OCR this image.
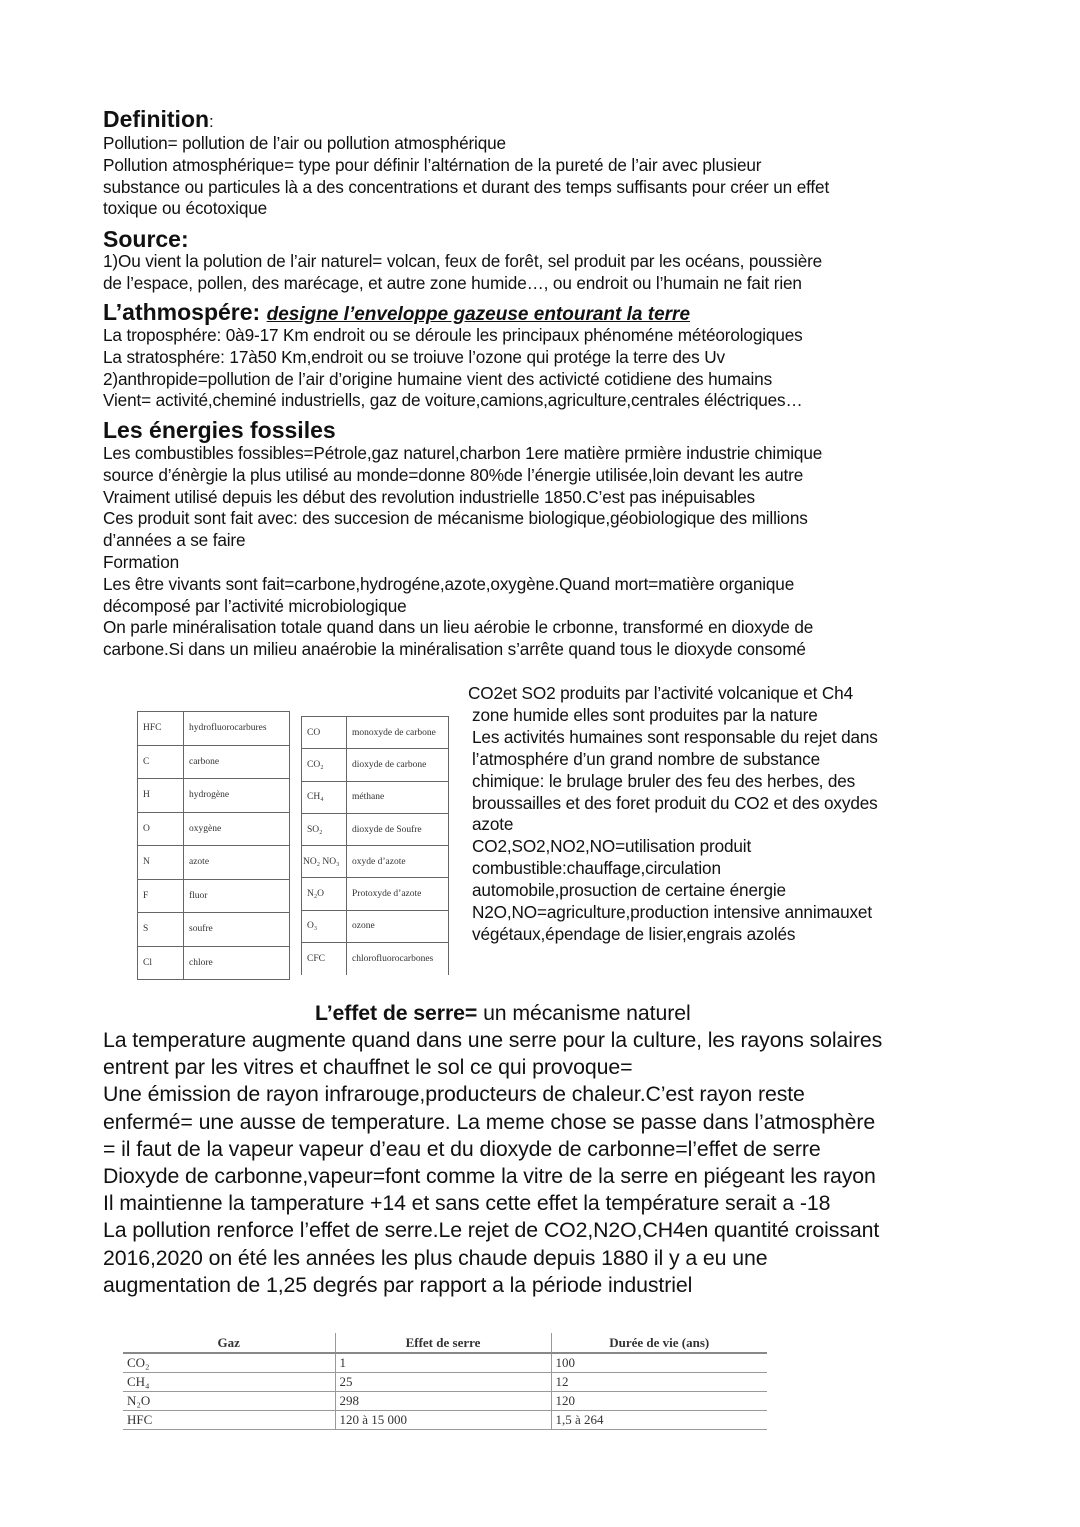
Definition:
Pollution= pollution de l’air ou pollution atmosphérique
Pollution atmosphérique= type pour définir l’altérnation de la pureté de l’air avec plusieur
substance ou particules là a des concentrations et durant des temps suffisants pour créer un effet
toxique ou écotoxique
Source:
1)Ou vient la polution de l’air naturel= volcan, feux de forêt, sel produit par les océans, poussière
de l’espace, pollen, des marécage, et autre zone humide…, ou endroit ou l’humain ne fait rien
L’athmospére: designe l’enveloppe gazeuse entourant la terre
La troposphére: 0à9-17 Km endroit ou se déroule les principaux phénoméne météorologiques
La stratosphére: 17à50 Km,endroit ou se troiuve l’ozone qui protége la terre des Uv
2)anthropide=pollution de l’air d’origine humaine vient des activicté cotidiene des humains
Vient= activité,cheminé industriells, gaz de voiture,camions,agriculture,centrales éléctriques…
Les énergies fossiles
Les combustibles fossibles=Pétrole,gaz naturel,charbon 1ere matière prmière industrie chimique
source d’énèrgie la plus utilisé au monde=donne 80%de l’énergie utilisée,loin devant les autre
Vraiment utilisé depuis les début des revolution industrielle 1850.C’est pas inépuisables
Ces produit sont fait avec: des succesion de mécanisme biologique,géobiologique des millions
d’années a se faire
Formation
Les être vivants sont fait=carbone,hydrogéne,azote,oxygène.Quand mort=matière organique
décomposé par l’activité microbiologique
On parle minéralisation totale quand dans un lieu aérobie le crbonne, transformé en dioxyde de
carbone.Si dans un milieu anaérobie la minéralisation s’arrête quand tous le dioxyde consomé
HFC	hydrofluorocarbures
C	carbone
H	hydrogène
O	oxygène
N	azote
F	fluor
S	soufre
Cl	chlore
CO	monoxyde de carbone
CO₂	dioxyde de carbone
CH₄	méthane
SO₂	dioxyde de Soufre
NO₂ NO₃	oxyde d’azote
N₂O	Protoxyde d’azote
O₃	ozone
CFC	chlorofluorocarbones
CO2et SO2 produits par l’activité volcanique et Ch4
zone humide elles sont produites par la nature
Les activités humaines sont responsable du rejet dans
l’atmosphére d’un grand nombre de substance
chimique: le brulage bruler des feu des herbes, des
broussailles et des foret produit du CO2 et des oxydes
azote
CO2,SO2,NO2,NO=utilisation produit
combustible:chauffage,circulation
automobile,prosuction de certaine énergie
N2O,NO=agriculture,production intensive annimauxet
végétaux,épendage de lisier,engrais azolés
L’effet de serre= un mécanisme naturel
La temperature augmente quand dans une serre pour la culture, les rayons solaires
entrent par les vitres et chauffnet le sol ce qui provoque=
Une émission de rayon infrarouge,producteurs de chaleur.C’est rayon reste
enfermé= une ausse de temperature. La meme chose se passe dans l’atmosphère
= il faut de la vapeur vapeur d’eau et du dioxyde de carbonne=l’effet de serre
Dioxyde de carbonne,vapeur=font comme la vitre de la serre en piégeant les rayon
Il maintienne la tamperature +14 et sans cette effet la température serait a -18
La pollution renforce l’effet de serre.Le rejet de CO2,N2O,CH4en quantité croissant
2016,2020 on été les années les plus chaude depuis 1880 il y a eu une
augmentation de 1,25 degrés par rapport a la période industriel
Gaz	Effet de serre	Durée de vie (ans)
CO₂	1	100
CH₄	25	12
N₂O	298	120
HFC	120 à 15 000	1,5 à 264
